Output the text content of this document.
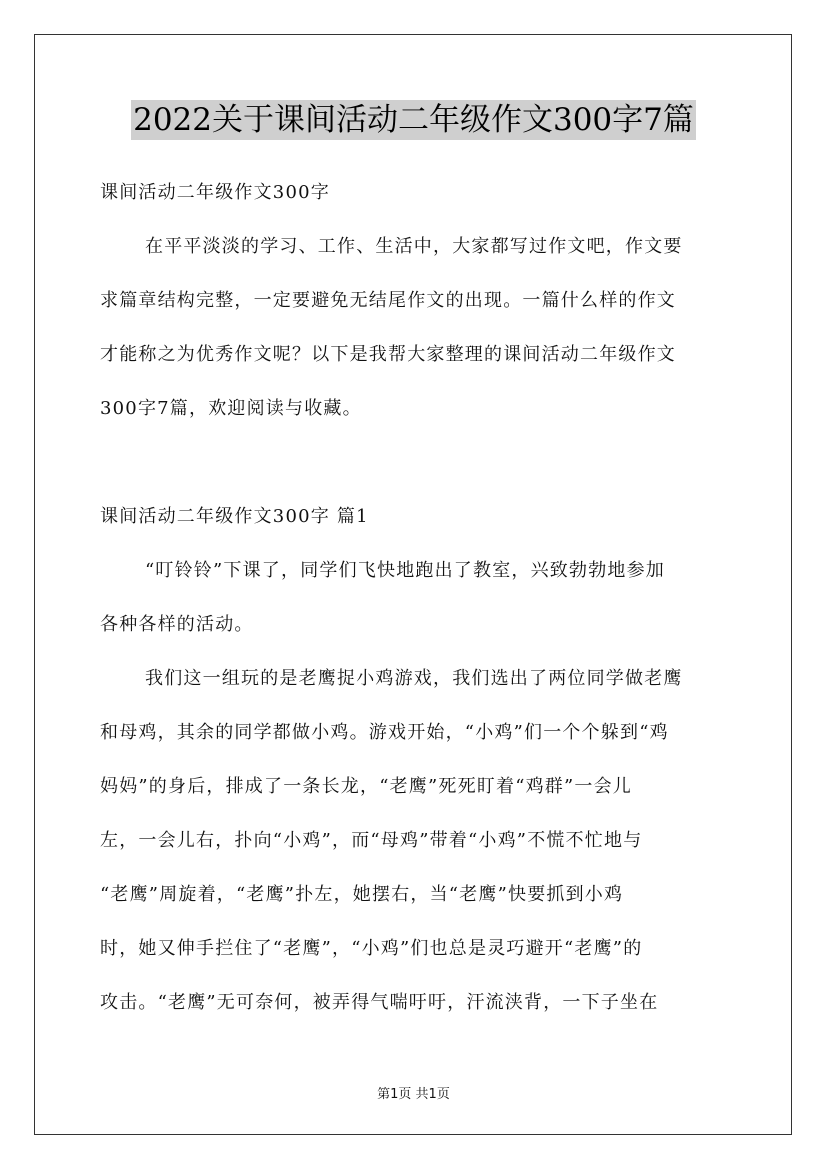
2022关于课间活动二年级作文300字7篇
课间活动二年级作文300字
在平平淡淡的学习、工作、生活中，大家都写过作文吧，作文要
求篇章结构完整，一定要避免无结尾作文的出现。一篇什么样的作文
才能称之为优秀作文呢？以下是我帮大家整理的课间活动二年级作文
300字7篇，欢迎阅读与收藏。
课间活动二年级作文300字 篇1
“叮铃铃”下课了，同学们飞快地跑出了教室，兴致勃勃地参加
各种各样的活动。
我们这一组玩的是老鹰捉小鸡游戏，我们选出了两位同学做老鹰
和母鸡，其余的同学都做小鸡。游戏开始，“小鸡”们一个个躲到“鸡
妈妈”的身后，排成了一条长龙，“老鹰”死死盯着“鸡群”一会儿
左，一会儿右，扑向“小鸡”，而“母鸡”带着“小鸡”不慌不忙地与
“老鹰”周旋着，“老鹰”扑左，她摆右，当“老鹰”快要抓到小鸡
时，她又伸手拦住了“老鹰”，“小鸡”们也总是灵巧避开“老鹰”的
攻击。“老鹰”无可奈何，被弄得气喘吁吁，汗流浃背，一下子坐在
第1页 共1页
